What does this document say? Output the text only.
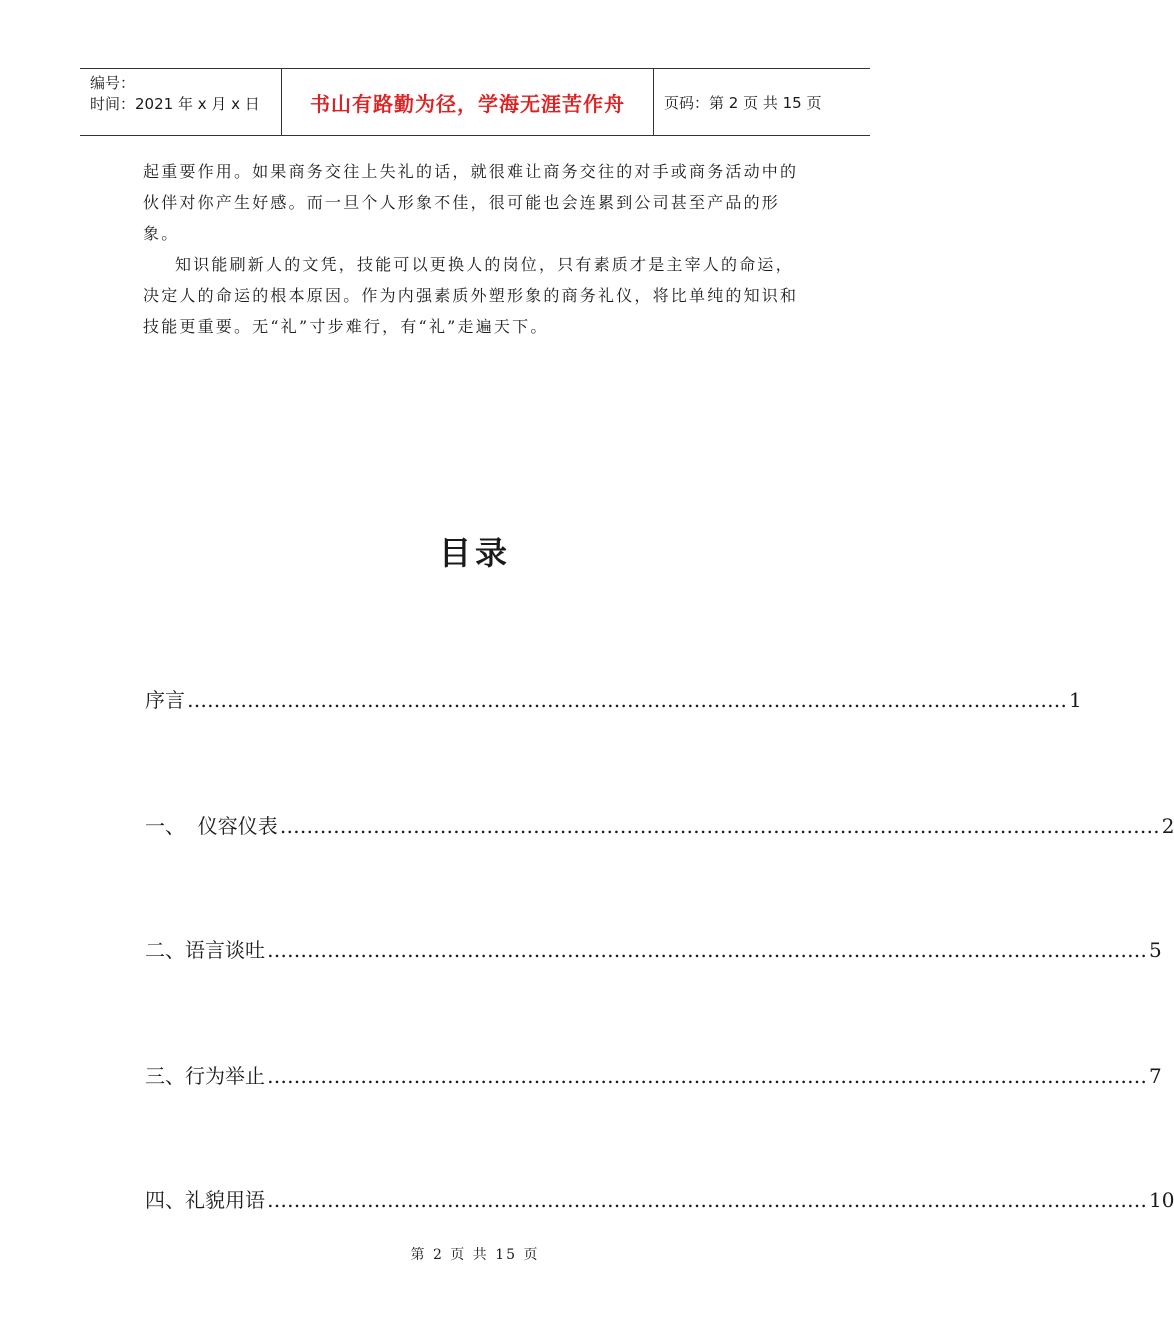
编号：
时间：2021 年 x 月 x 日	书山有路勤为径，学海无涯苦作舟	页码：第 2 页 共 15 页

起重要作用。如果商务交往上失礼的话，就很难让商务交往的对手或商务活动中的伙伴对你产生好感。而一旦个人形象不佳，很可能也会连累到公司甚至产品的形象。

知识能刷新人的文凭，技能可以更换人的岗位，只有素质才是主宰人的命运，决定人的命运的根本原因。作为内强素质外塑形象的商务礼仪，将比单纯的知识和技能更重要。无“礼”寸步难行，有“礼”走遍天下。

目录
序言 …………………………………………………………………………………………………………………… 1
一、  仪容仪表 …………………………………………………………………………………………………………………… 2
二、语言谈吐 …………………………………………………………………………………………………………………… 5
三、行为举止 …………………………………………………………………………………………………………………… 7
四、礼貌用语 …………………………………………………………………………………………………………………… 10
第 2 页 共 15 页
